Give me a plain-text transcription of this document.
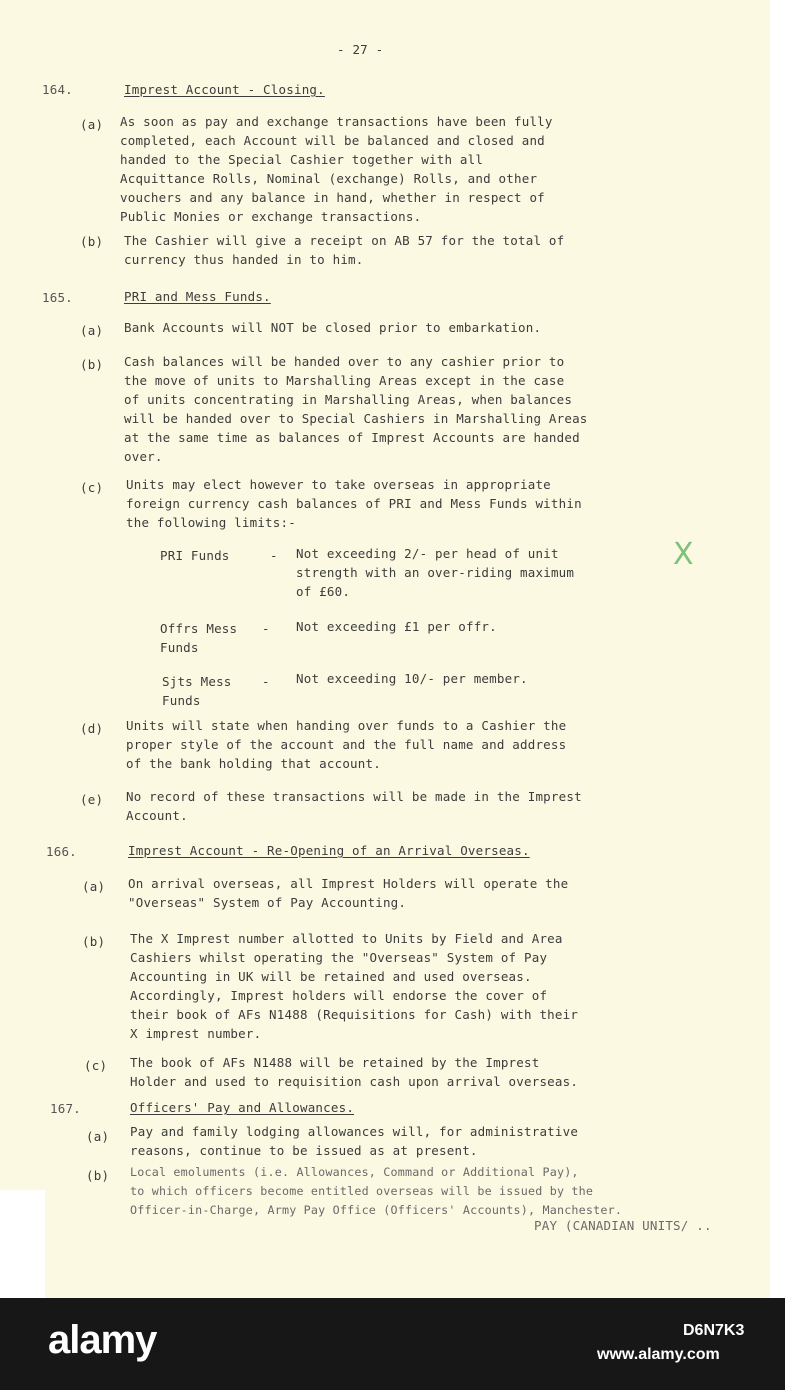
- 27 -
164.	Imprest Account - Closing.
(a) As soon as pay and exchange transactions have been fully
completed, each Account will be balanced and closed and
handed to the Special Cashier together with all
Acquittance Rolls, Nominal (exchange) Rolls, and other
vouchers and any balance in hand, whether in respect of
Public Monies or exchange transactions.
(b) The Cashier will give a receipt on AB 57 for the total of
currency thus handed in to him.
165.	PRI and Mess Funds.
(a) Bank Accounts will NOT be closed prior to embarkation.
(b) Cash balances will be handed over to any cashier prior to
the move of units to Marshalling Areas except in the case
of units concentrating in Marshalling Areas, when balances
will be handed over to Special Cashiers in Marshalling Areas
at the same time as balances of Imprest Accounts are handed
over.
(c) Units may elect however to take overseas in appropriate
foreign currency cash balances of PRI and Mess Funds within
the following limits:-
PRI Funds	- Not exceeding 2/- per head of unit
strength with an over-riding maximum
of £60.
Offrs Mess
Funds
- Not exceeding £1 per offr.
Sjts Mess
Funds
- Not exceeding 10/- per member.
(d) Units will state when handing over funds to a Cashier the
proper style of the account and the full name and address
of the bank holding that account.
(e) No record of these transactions will be made in the Imprest
Account.
166.	Imprest Account - Re-Opening of an Arrival Overseas.
(a) On arrival overseas, all Imprest Holders will operate the
"Overseas" System of Pay Accounting.
(b) The X Imprest number allotted to Units by Field and Area
Cashiers whilst operating the "Overseas" System of Pay
Accounting in UK will be retained and used overseas.
Accordingly, Imprest holders will endorse the cover of
their book of AFs N1488 (Requisitions for Cash) with their
X imprest number.
(c) The book of AFs N1488 will be retained by the Imprest
Holder and used to requisition cash upon arrival overseas.
167.	Officers' Pay and Allowances.
(a) Pay and family lodging allowances will, for administrative
reasons, continue to be issued as at present.
(b) Local emoluments (i.e. Allowances, Command or Additional Pay),
to which officers become entitled overseas will be issued by the
Officer-in-Charge, Army Pay Office (Officers' Accounts), Manchester.
PAY (CANADIAN UNITS/ ..
X
alamy	D6N7K3
www.alamy.com
